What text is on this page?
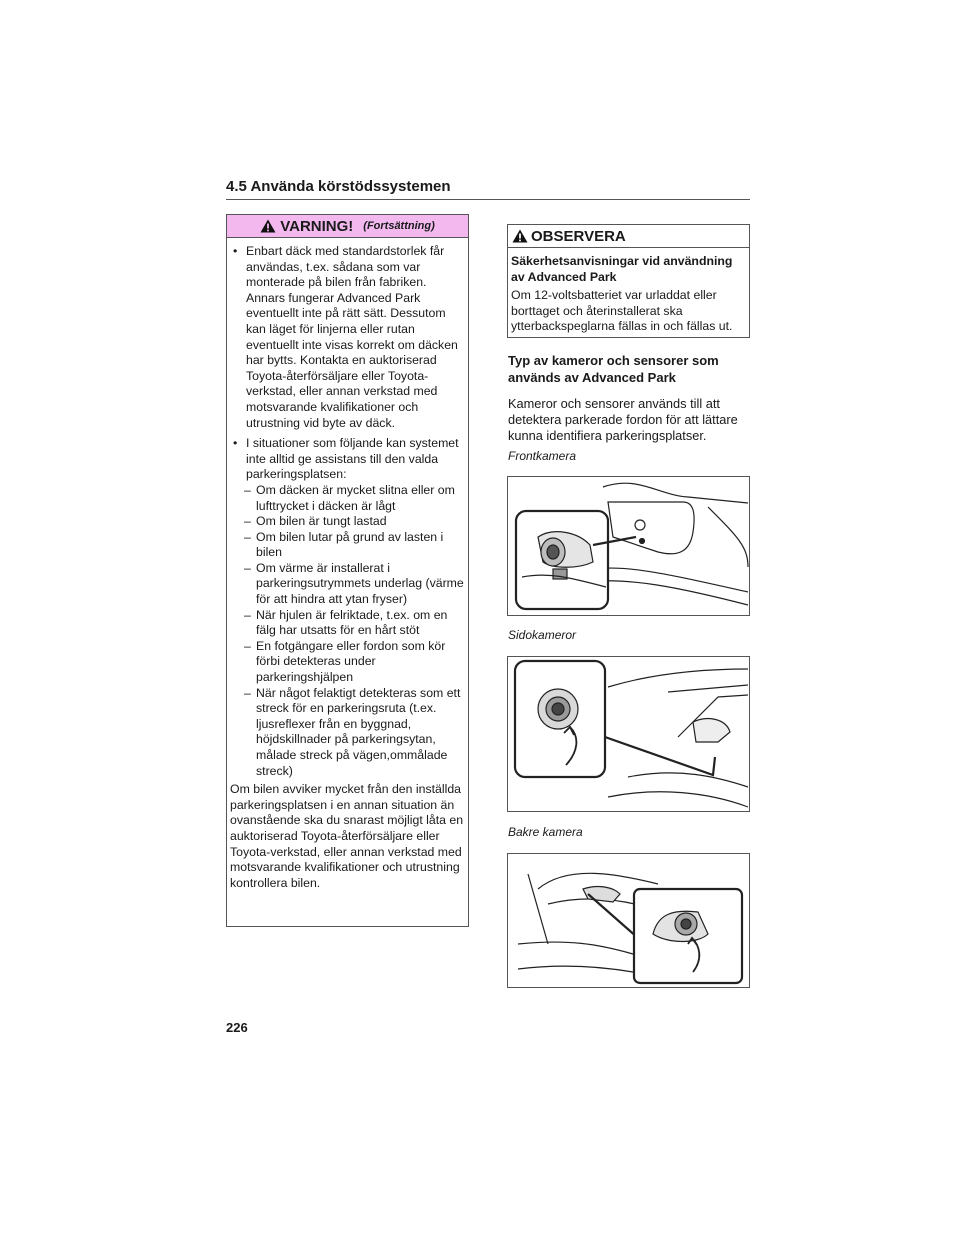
4.5 Använda körstödssystemen
VARNING! (Fortsättning)
• Enbart däck med standardstorlek får användas, t.ex. sådana som var monterade på bilen från fabriken. Annars fungerar Advanced Park eventuellt inte på rätt sätt. Dessutom kan läget för linjerna eller rutan eventuellt inte visas korrekt om däcken har bytts. Kontakta en auktoriserad Toyota-återförsäljare eller Toyota-verkstad, eller annan verkstad med motsvarande kvalifikationer och utrustning vid byte av däck.
• I situationer som följande kan systemet inte alltid ge assistans till den valda parkeringsplatsen:
– Om däcken är mycket slitna eller om lufttrycket i däcken är lågt
– Om bilen är tungt lastad
– Om bilen lutar på grund av lasten i bilen
– Om värme är installerat i parkeringsutrymmets underlag (värme för att hindra att ytan fryser)
– När hjulen är felriktade, t.ex. om en fälg har utsatts för en hårt stöt
– En fotgängare eller fordon som kör förbi detekteras under parkeringshjälpen
– När något felaktigt detekteras som ett streck för en parkeringsruta (t.ex. ljusreflexer från en byggnad, höjdskillnader på parkeringsytan, målade streck på vägen,ommålade streck)
Om bilen avviker mycket från den inställda parkeringsplatsen i en annan situation än ovanstående ska du snarast möjligt låta en auktoriserad Toyota-återförsäljare eller Toyota-verkstad, eller annan verkstad med motsvarande kvalifikationer och utrustning kontrollera bilen.
OBSERVERA
Säkerhetsanvisningar vid användning av Advanced Park
Om 12-voltsbatteriet var urladdat eller borttaget och återinstallerat ska ytterbackspeglarna fällas in och fällas ut.
Typ av kameror och sensorer som används av Advanced Park
Kameror och sensorer används till att detektera parkerade fordon för att lättare kunna identifiera parkeringsplatser.
Frontkamera
Sidokameror
Bakre kamera
226
